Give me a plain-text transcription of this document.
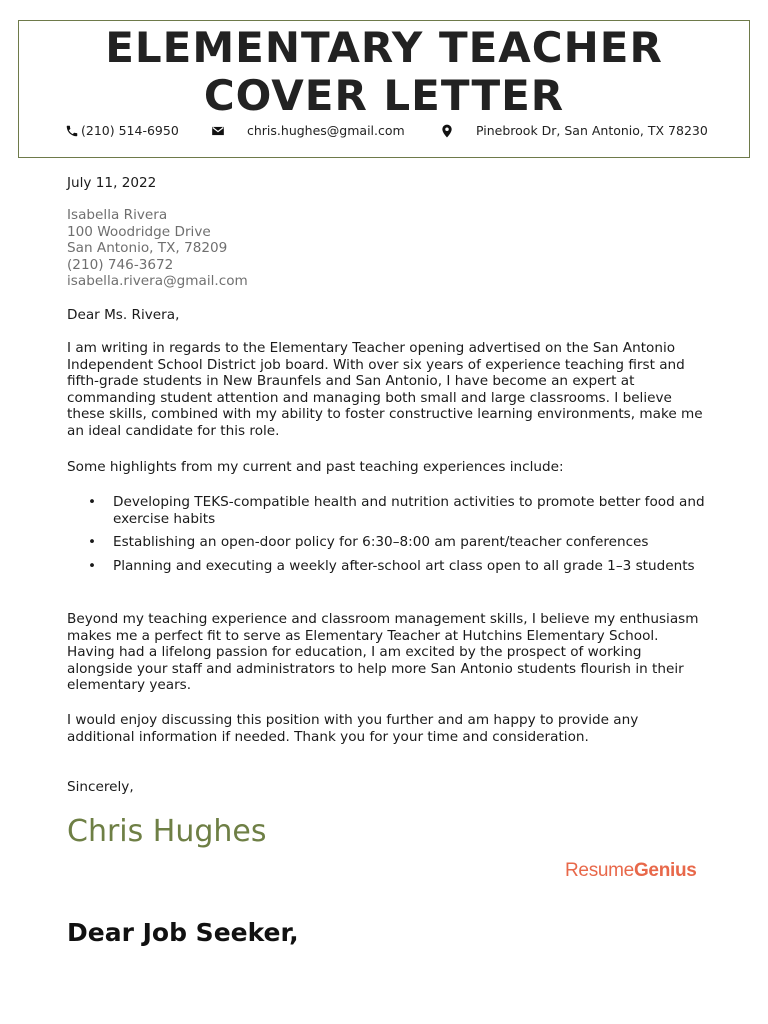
ELEMENTARY TEACHER
COVER LETTER
(210) 514-6950	chris.hughes@gmail.com	Pinebrook Dr, San Antonio, TX 78230
July 11, 2022
Isabella Rivera
100 Woodridge Drive
San Antonio, TX, 78209
(210) 746-3672
isabella.rivera@gmail.com
Dear Ms. Rivera,
I am writing in regards to the Elementary Teacher opening advertised on the San Antonio Independent School District job board. With over six years of experience teaching first and fifth-grade students in New Braunfels and San Antonio, I have become an expert at commanding student attention and managing both small and large classrooms. I believe these skills, combined with my ability to foster constructive learning environments, make me an ideal candidate for this role.
Some highlights from my current and past teaching experiences include:
• Developing TEKS-compatible health and nutrition activities to promote better food and exercise habits
• Establishing an open-door policy for 6:30–8:00 am parent/teacher conferences
• Planning and executing a weekly after-school art class open to all grade 1–3 students
Beyond my teaching experience and classroom management skills, I believe my enthusiasm makes me a perfect fit to serve as Elementary Teacher at Hutchins Elementary School. Having had a lifelong passion for education, I am excited by the prospect of working alongside your staff and administrators to help more San Antonio students flourish in their elementary years.
I would enjoy discussing this position with you further and am happy to provide any additional information if needed. Thank you for your time and consideration.
Sincerely,
Chris Hughes
ResumeGenius
Dear Job Seeker,
